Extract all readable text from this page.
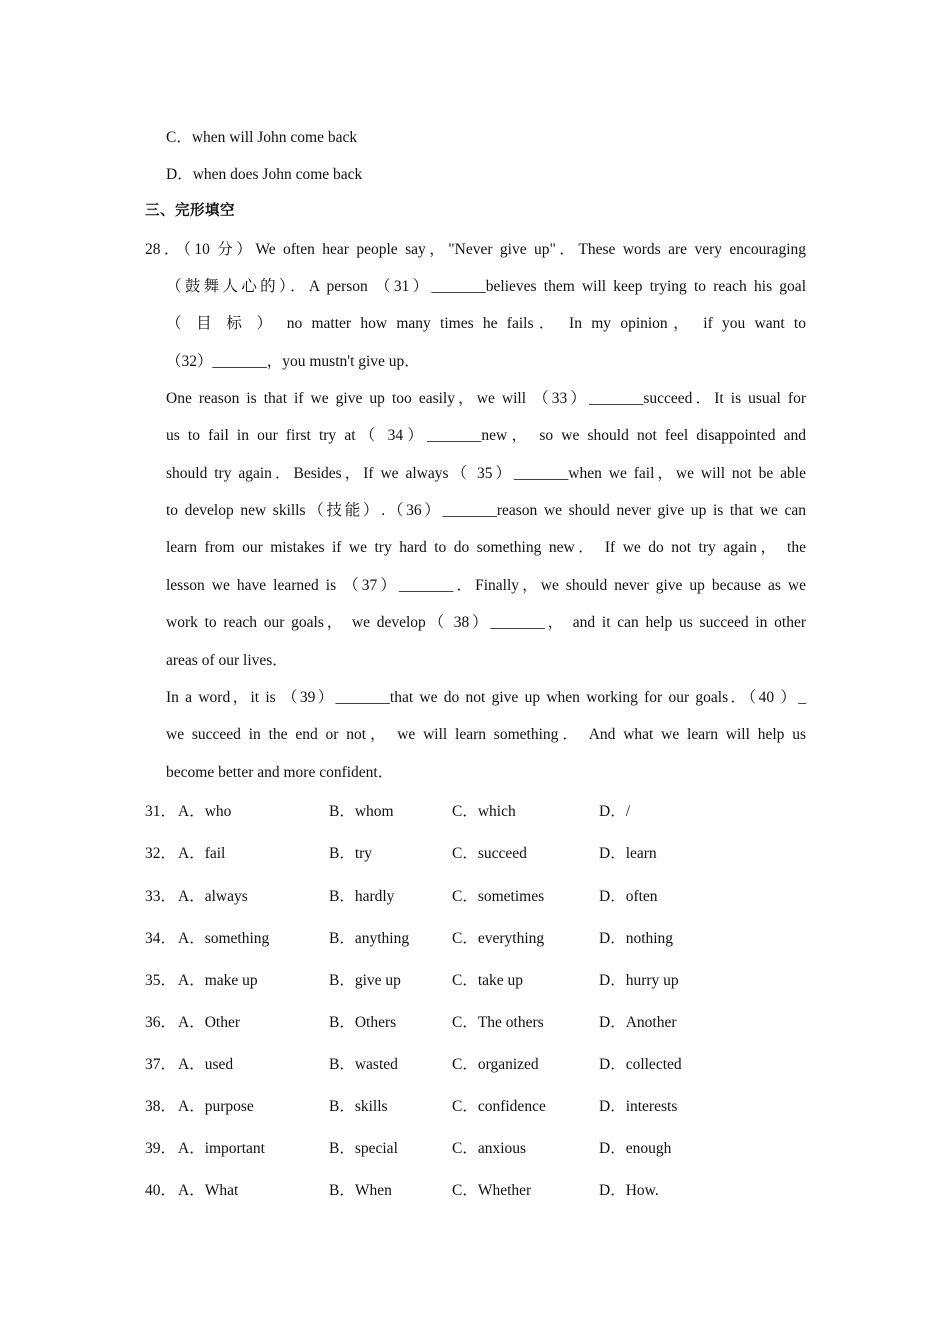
C．when will John come back
D．when does John come back
三、完形填空
28．（10 分）We often hear people say，"Never give up"．These words are very encouraging
（鼓舞人心的）．A person （31）_______believes them will keep trying to reach his goal
（ 目 标 ） no matter how many times he fails． In my opinion， if you want to
（32）_______，you mustn't give up．
One reason is that if we give up too easily，we will （33）_______succeed．It is usual for
us to fail in our first try at（ 34）_______new， so we should not feel disappointed and
should try again．Besides，If we always（ 35）_______when we fail，we will not be able
to develop new skills（技能）.（36）_______reason we should never give up is that we can
learn from our mistakes if we try hard to do something new． If we do not try again， the
lesson we have learned is （37）_______．Finally，we should never give up because as we
work to reach our goals， we develop（ 38）_______， and it can help us succeed in other
areas of our lives．
In a word，it is （39）_______that we do not give up when working for our goals．（40 ）_
we succeed in the end or not， we will learn something． And what we learn will help us
become better and more confident．
31． A．who	B．whom	C．which	D．/
32． A．fail	B．try	C．succeed	D．learn
33． A．always	B．hardly	C．sometimes	D．often
34． A．something	B．anything	C．everything	D．nothing
35． A．make up	B．give up	C．take up	D．hurry up
36． A．Other	B．Others	C．The others	D．Another
37． A．used	B．wasted	C．organized	D．collected
38． A．purpose	B．skills	C．confidence	D．interests
39． A．important	B．special	C．anxious	D．enough
40． A．What	B．When	C．Whether	D．How.
